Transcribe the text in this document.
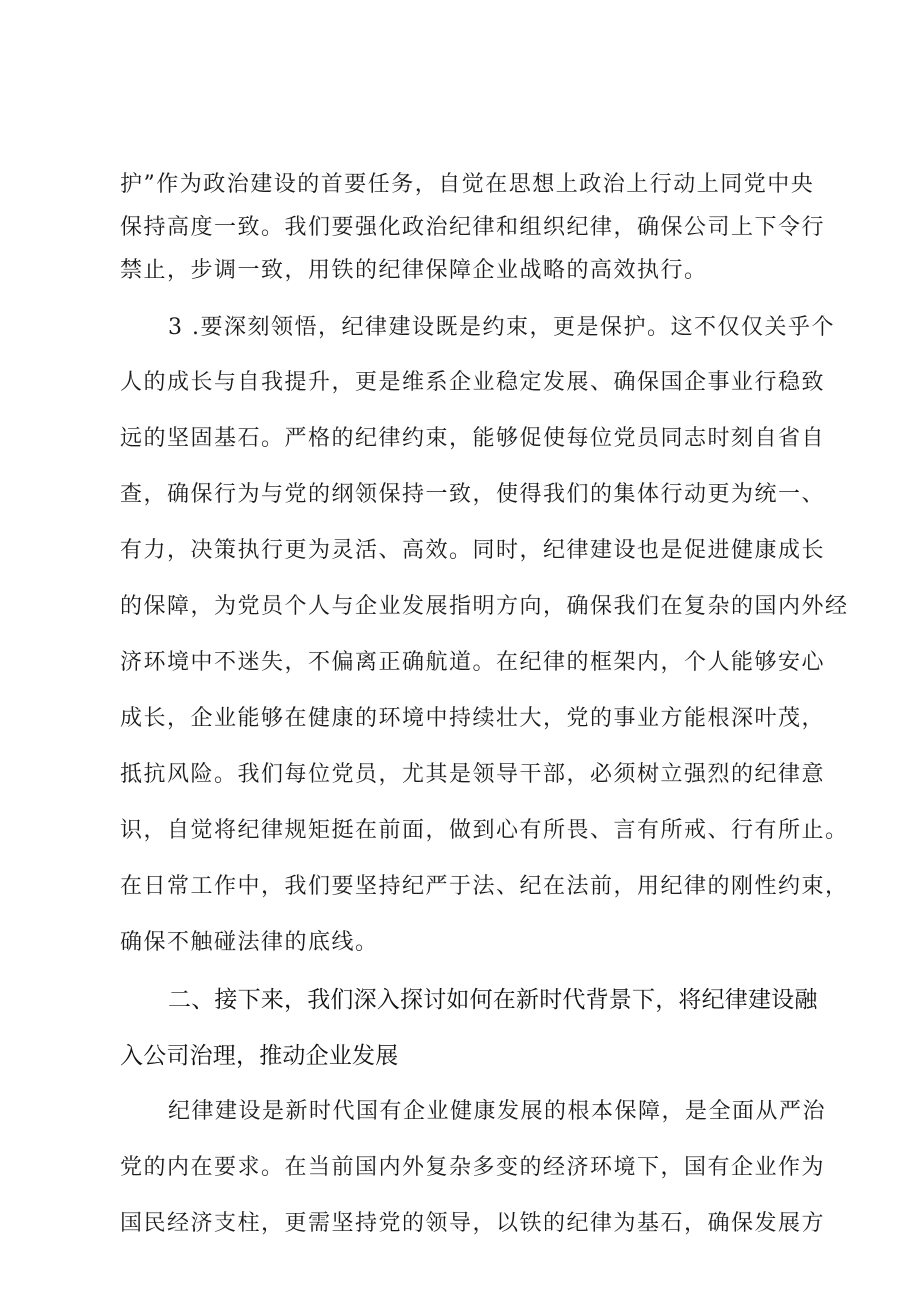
护”作为政治建设的首要任务，自觉在思想上政治上行动上同党中央

保持高度一致。我们要强化政治纪律和组织纪律，确保公司上下令行

禁止，步调一致，用铁的纪律保障企业战略的高效执行。

3 .要深刻领悟，纪律建设既是约束，更是保护。这不仅仅关乎个

人的成长与自我提升，更是维系企业稳定发展、确保国企事业行稳致

远的坚固基石。严格的纪律约束，能够促使每位党员同志时刻自省自

查，确保行为与党的纲领保持一致，使得我们的集体行动更为统一、

有力，决策执行更为灵活、高效。同时，纪律建设也是促进健康成长

的保障，为党员个人与企业发展指明方向，确保我们在复杂的国内外经

济环境中不迷失，不偏离正确航道。在纪律的框架内，个人能够安心

成长，企业能够在健康的环境中持续壮大，党的事业方能根深叶茂，

抵抗风险。我们每位党员，尤其是领导干部，必须树立强烈的纪律意

识，自觉将纪律规矩挺在前面，做到心有所畏、言有所戒、行有所止。

在日常工作中，我们要坚持纪严于法、纪在法前，用纪律的刚性约束，

确保不触碰法律的底线。

二、接下来，我们深入探讨如何在新时代背景下，将纪律建设融

入公司治理，推动企业发展

纪律建设是新时代国有企业健康发展的根本保障，是全面从严治

党的内在要求。在当前国内外复杂多变的经济环境下，国有企业作为

国民经济支柱，更需坚持党的领导，以铁的纪律为基石，确保发展方
